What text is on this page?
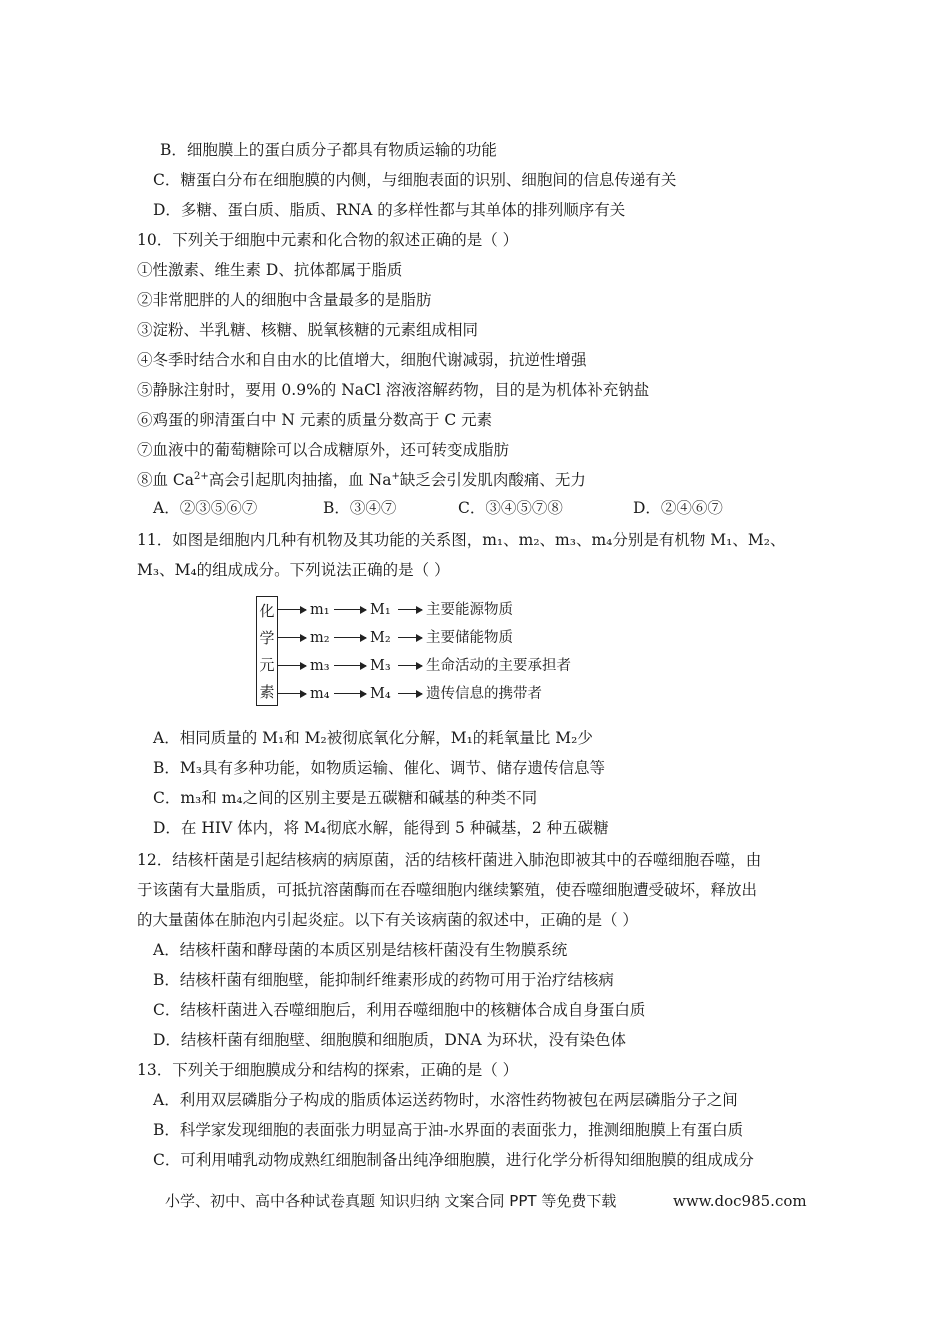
B．细胞膜上的蛋白质分子都具有物质运输的功能
C．糖蛋白分布在细胞膜的内侧，与细胞表面的识别、细胞间的信息传递有关
D．多糖、蛋白质、脂质、RNA 的多样性都与其单体的排列顺序有关
10．下列关于细胞中元素和化合物的叙述正确的是（ ）
①性激素、维生素 D、抗体都属于脂质
②非常肥胖的人的细胞中含量最多的是脂肪
③淀粉、半乳糖、核糖、脱氧核糖的元素组成相同
④冬季时结合水和自由水的比值增大，细胞代谢减弱，抗逆性增强
⑤静脉注射时，要用 0.9%的 NaCl 溶液溶解药物，目的是为机体补充钠盐
⑥鸡蛋的卵清蛋白中 N 元素的质量分数高于 C 元素
⑦血液中的葡萄糖除可以合成糖原外，还可转变成脂肪
⑧血 $Ca^{2+}$高会引起肌肉抽搐，血 Na+缺乏会引发肌肉酸痛、无力
A．②③⑤⑥⑦	B．③④⑦	C．③④⑤⑦⑧	D．②④⑥⑦
11．如图是细胞内几种有机物及其功能的关系图，m₁、m₂、m₃、m₄分别是有机物 M₁、M₂、
M₃、M₄的组成成分。下列说法正确的是（ ）
化
学
元
素
m₁	M₁ 主要能源物质
m₂	M₂ 主要储能物质
m₃	M₃ 生命活动的主要承担者
m₄	M₄ 遗传信息的携带者
A．相同质量的 M₁和 M₂被彻底氧化分解，M₁的耗氧量比 M₂少
B．M₃具有多种功能，如物质运输、催化、调节、储存遗传信息等
C．m₃和 m₄之间的区别主要是五碳糖和碱基的种类不同
D．在 HIV 体内，将 M₄彻底水解，能得到 5 种碱基，2 种五碳糖
12．结核杆菌是引起结核病的病原菌，活的结核杆菌进入肺泡即被其中的吞噬细胞吞噬，由
于该菌有大量脂质，可抵抗溶菌酶而在吞噬细胞内继续繁殖，使吞噬细胞遭受破坏，释放出
的大量菌体在肺泡内引起炎症。以下有关该病菌的叙述中，正确的是（ ）
A．结核杆菌和酵母菌的本质区别是结核杆菌没有生物膜系统
B．结核杆菌有细胞壁，能抑制纤维素形成的药物可用于治疗结核病
C．结核杆菌进入吞噬细胞后，利用吞噬细胞中的核糖体合成自身蛋白质
D．结核杆菌有细胞壁、细胞膜和细胞质，DNA 为环状，没有染色体
13．下列关于细胞膜成分和结构的探索，正确的是（ ）
A．利用双层磷脂分子构成的脂质体运送药物时，水溶性药物被包在两层磷脂分子之间
B．科学家发现细胞的表面张力明显高于油-水界面的表面张力，推测细胞膜上有蛋白质
C．可利用哺乳动物成熟红细胞制备出纯净细胞膜，进行化学分析得知细胞膜的组成成分
小学、初中、高中各种试卷真题 知识归纳 文案合同 PPT 等免费下载	www.doc985.com
